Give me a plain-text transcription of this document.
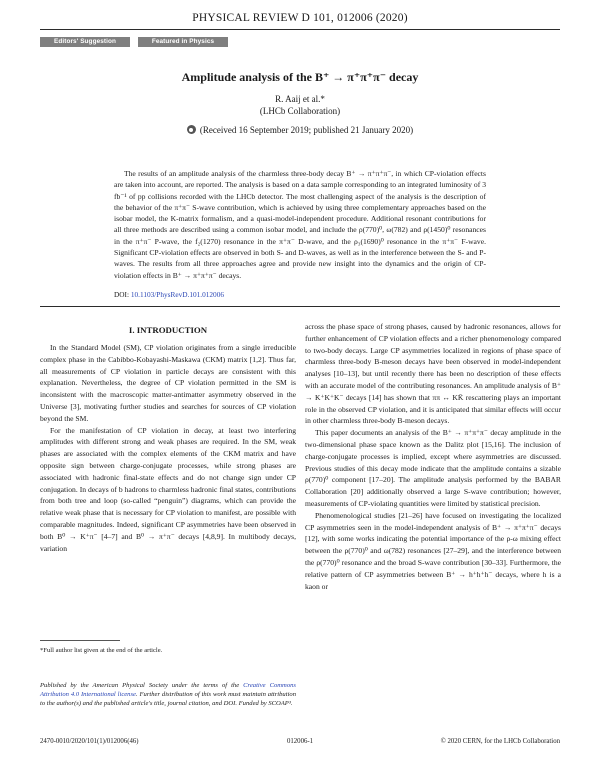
PHYSICAL REVIEW D 101, 012006 (2020)
Editors' Suggestion	Featured in Physics
Amplitude analysis of the B⁺ → π⁺π⁺π⁻ decay
R. Aaij et al.*
(LHCb Collaboration)
(Received 16 September 2019; published 21 January 2020)

The results of an amplitude analysis of the charmless three-body decay B⁺ → π⁺π⁺π⁻, in which CP-violation effects are taken into account, are reported. The analysis is based on a data sample corresponding to an integrated luminosity of 3 fb⁻¹ of pp collisions recorded with the LHCb detector. The most challenging aspect of the analysis is the description of the behavior of the π⁺π⁻ S-wave contribution, which is achieved by using three complementary approaches based on the isobar model, the K-matrix formalism, and a quasi-model-independent procedure. Additional resonant contributions for all three methods are described using a common isobar model, and include the ρ(770)⁰, ω(782) and ρ(1450)⁰ resonances in the π⁺π⁻ P-wave, the f₂(1270) resonance in the π⁺π⁻ D-wave, and the ρ₃(1690)⁰ resonance in the π⁺π⁻ F-wave. Significant CP-violation effects are observed in both S- and D-waves, as well as in the interference between the S- and P-waves. The results from all three approaches agree and provide new insight into the dynamics and the origin of CP-violation effects in B⁺ → π⁺π⁺π⁻ decays.

DOI: 10.1103/PhysRevD.101.012006
I. INTRODUCTION

In the Standard Model (SM), CP violation originates from a single irreducible complex phase in the Cabibbo-Kobayashi-Maskawa (CKM) matrix [1,2]. Thus far, all measurements of CP violation in particle decays are consistent with this explanation. Nevertheless, the degree of CP violation permitted in the SM is inconsistent with the macroscopic matter-antimatter asymmetry observed in the Universe [3], motivating further studies and searches for sources of CP violation beyond the SM.

For the manifestation of CP violation in decay, at least two interfering amplitudes with different strong and weak phases are required. In the SM, weak phases are associated with the complex elements of the CKM matrix and have opposite sign between charge-conjugate processes, while strong phases are associated with hadronic final-state effects and do not change sign under CP conjugation. In decays of b hadrons to charmless hadronic final states, contributions from both tree and loop (so-called “penguin”) diagrams, which can provide the relative weak phase that is necessary for CP violation to manifest, are possible with comparable magnitudes. Indeed, significant CP asymmetries have been observed in both B⁰ → K⁺π⁻ [4–7] and B⁰ → π⁺π⁻ decays [4,8,9]. In multibody decays, variation

across the phase space of strong phases, caused by hadronic resonances, allows for further enhancement of CP violation effects and a richer phenomenology compared to two-body decays. Large CP asymmetries localized in regions of phase space of charmless three-body B-meson decays have been observed in model-independent analyses [10–13], but until recently there has been no description of these effects with an accurate model of the contributing resonances. An amplitude analysis of B⁺ → K⁺K⁺K⁻ decays [14] has shown that ππ ↔ KK̄ rescattering plays an important role in the observed CP violation, and it is anticipated that similar effects will occur in other charmless three-body B-meson decays.

This paper documents an analysis of the B⁺ → π⁺π⁺π⁻ decay amplitude in the two-dimensional phase space known as the Dalitz plot [15,16]. The inclusion of charge-conjugate processes is implied, except where asymmetries are discussed. Previous studies of this decay mode indicate that the amplitude contains a sizable ρ(770)⁰ component [17–20]. The amplitude analysis performed by the BABAR Collaboration [20] additionally observed a large S-wave contribution; however, measurements of CP-violating quantities were limited by statistical precision.

Phenomenological studies [21–26] have focused on investigating the localized CP asymmetries seen in the model-independent analysis of B⁺ → π⁺π⁺π⁻ decays [12], with some works indicating the potential importance of the ρ-ω mixing effect between the ρ(770)⁰ and ω(782) resonances [27–29], and the interference between the ρ(770)⁰ resonance and the broad S-wave contribution [30–33]. Furthermore, the relative pattern of CP asymmetries between B⁺ → h⁺h⁺h⁻ decays, where h is a kaon or

*Full author list given at the end of the article.

Published by the American Physical Society under the terms of the Creative Commons Attribution 4.0 International license. Further distribution of this work must maintain attribution to the author(s) and the published article's title, journal citation, and DOI. Funded by SCOAP³.
2470-0010/2020/101(1)/012006(46)	012006-1	© 2020 CERN, for the LHCb Collaboration
